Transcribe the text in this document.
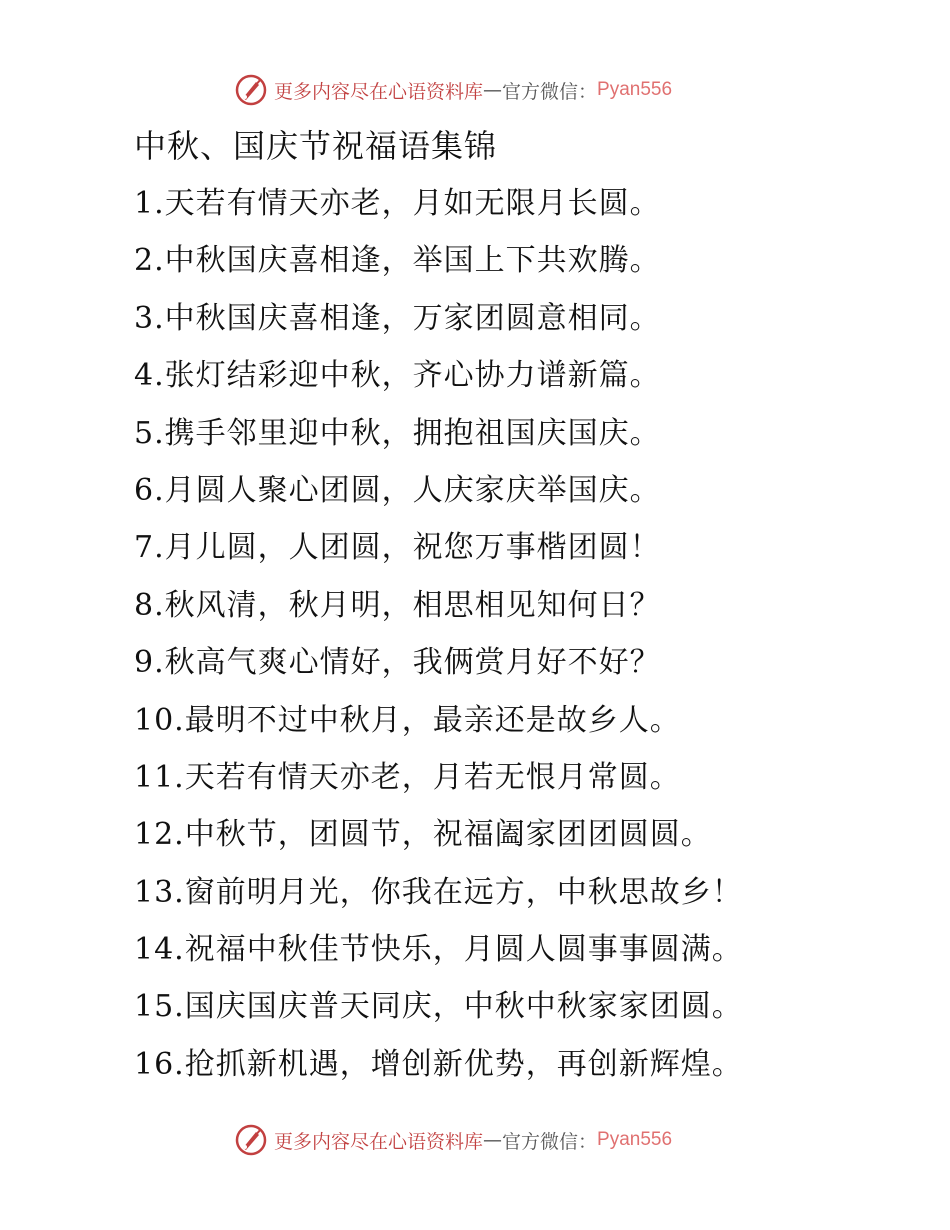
更多内容尽在心语资料库 — 官方微信： Pyan556
中秋、国庆节祝福语集锦
1.天若有情天亦老，月如无限月长圆。
2.中秋国庆喜相逢，举国上下共欢腾。
3.中秋国庆喜相逢，万家团圆意相同。
4.张灯结彩迎中秋，齐心协力谱新篇。
5.携手邻里迎中秋，拥抱祖国庆国庆。
6.月圆人聚心团圆，人庆家庆举国庆。
7.月儿圆，人团圆，祝您万事楷团圆！
8.秋风清，秋月明，相思相见知何日？
9.秋高气爽心情好，我俩赏月好不好？
10.最明不过中秋月，最亲还是故乡人。
11.天若有情天亦老，月若无恨月常圆。
12.中秋节，团圆节，祝福阖家团团圆圆。
13.窗前明月光，你我在远方，中秋思故乡！
14.祝福中秋佳节快乐，月圆人圆事事圆满。
15.国庆国庆普天同庆，中秋中秋家家团圆。
16.抢抓新机遇，增创新优势，再创新辉煌。
更多内容尽在心语资料库 — 官方微信： Pyan556
